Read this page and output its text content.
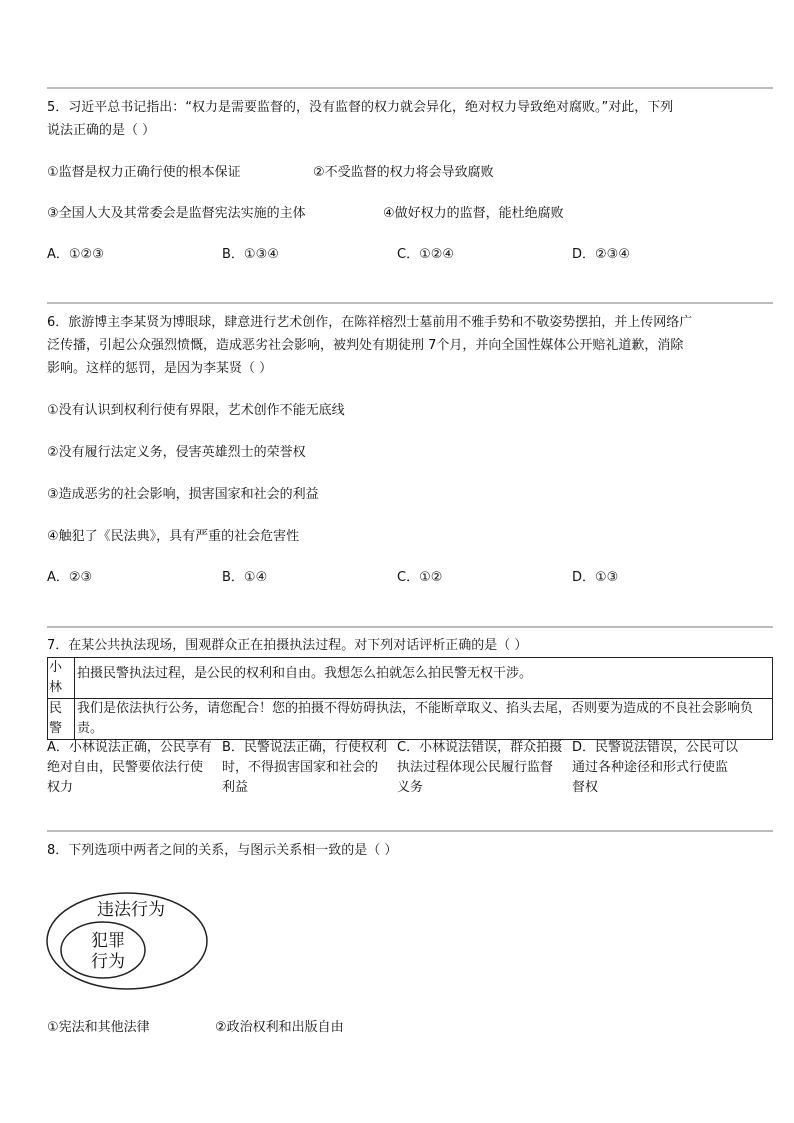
5．习近平总书记指出：“权力是需要监督的，没有监督的权力就会异化，绝对权力导致绝对腐败。”对此，下列
说法正确的是（ ）
①监督是权力正确行使的根本保证	②不受监督的权力将会导致腐败
③全国人大及其常委会是监督宪法实施的主体	④做好权力的监督，能杜绝腐败
A．①②③	B．①③④	C．①②④	D．②③④
6．旅游博主李某贤为博眼球，肆意进行艺术创作，在陈祥榕烈士墓前用不雅手势和不敬姿势摆拍，并上传网络广
泛传播，引起公众强烈愤慨，造成恶劣社会影响，被判处有期徒刑 7个月，并向全国性媒体公开赔礼道歉，消除
影响。这样的惩罚，是因为李某贤（ ）
①没有认识到权利行使有界限，艺术创作不能无底线
②没有履行法定义务，侵害英雄烈士的荣誉权
③造成恶劣的社会影响，损害国家和社会的利益
④触犯了《民法典》，具有严重的社会危害性
A．②③	B．①④	C．①②	D．①③
7．在某公共执法现场，围观群众正在拍摄执法过程。对下列对话评析正确的是（ ）
小林	拍摄民警执法过程，是公民的权利和自由。我想怎么拍就怎么拍民警无权干涉。
民警	我们是依法执行公务，请您配合！您的拍摄不得妨碍执法，不能断章取义、掐头去尾，否则要为造成的不良社会影响负责。
A．小林说法正确，公民享有绝对自由，民警要依法行使权力
B．民警说法正确，行使权利时，不得损害国家和社会的利益
C．小林说法错误，群众拍摄执法过程体现公民履行监督义务
D．民警说法错误，公民可以通过各种途径和形式行使监督权
8．下列选项中两者之间的关系，与图示关系相一致的是（ ）
违法行为
犯罪
行为
①宪法和其他法律	②政治权利和出版自由
